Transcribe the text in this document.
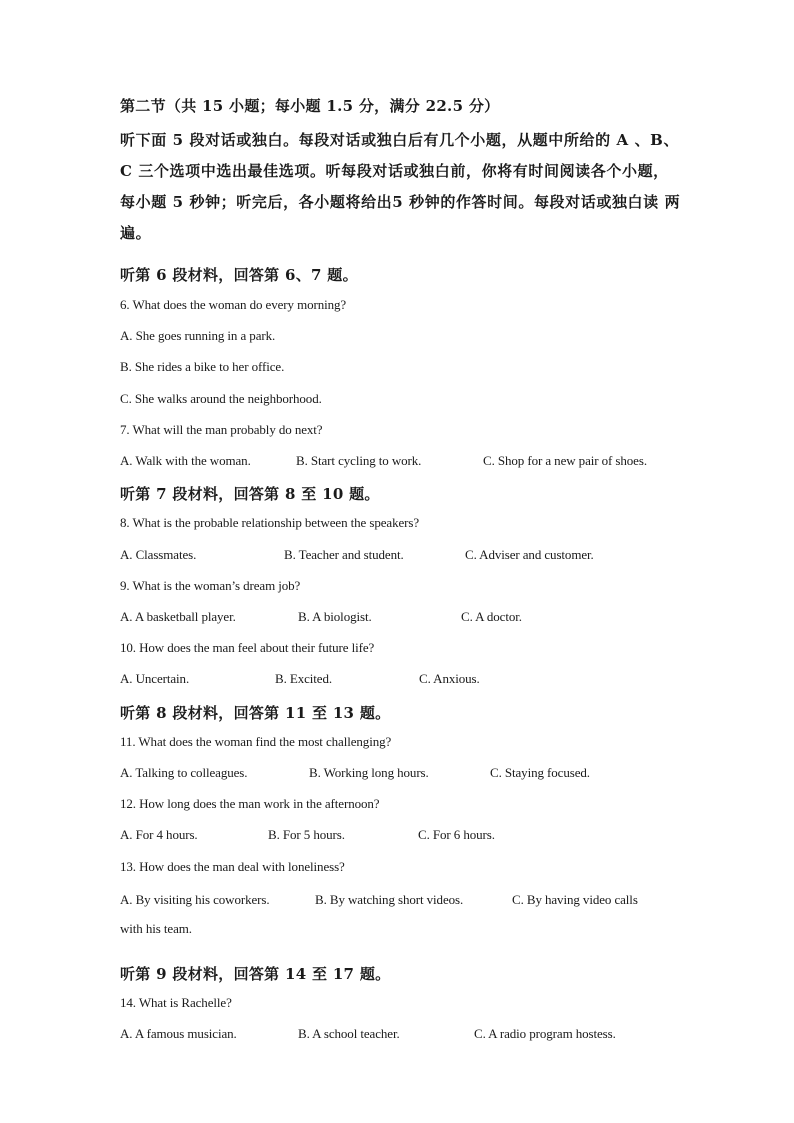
第二节（共 15 小题；每小题 1.5 分，满分 22.5 分）
听下面 5 段对话或独白。每段对话或独白后有几个小题，从题中所给的 A 、B、
C 三个选项中选出最佳选项。听每段对话或独白前，你将有时间阅读各个小题，
每小题 5 秒钟；听完后，各小题将给出5 秒钟的作答时间。每段对话或独白读 两
遍。
听第 6 段材料，回答第 6、7 题。
6. What does the woman do every morning?
A. She goes running in a park.
B. She rides a bike to her office.
C. She walks around the neighborhood.
7. What will the man probably do next?
A. Walk with the woman.	B. Start cycling to work.	C. Shop for a new pair of shoes.
听第 7 段材料，回答第 8 至 10 题。
8. What is the probable relationship between the speakers?
A. Classmates.	B. Teacher and student.	C. Adviser and customer.
9. What is the woman’s dream job?
A. A basketball player.	B. A biologist.	C. A doctor.
10. How does the man feel about their future life?
A. Uncertain.	B. Excited.	C. Anxious.
听第 8 段材料，回答第 11 至 13 题。
11. What does the woman find the most challenging?
A. Talking to colleagues.	B. Working long hours.	C. Staying focused.
12. How long does the man work in the afternoon?
A. For 4 hours.	B. For 5 hours.	C. For 6 hours.
13. How does the man deal with loneliness?
A. By visiting his coworkers.	B. By watching short videos.	C. By having video calls
with his team.
听第 9 段材料，回答第 14 至 17 题。
14. What is Rachelle?
A. A famous musician.	B. A school teacher.	C. A radio program hostess.
